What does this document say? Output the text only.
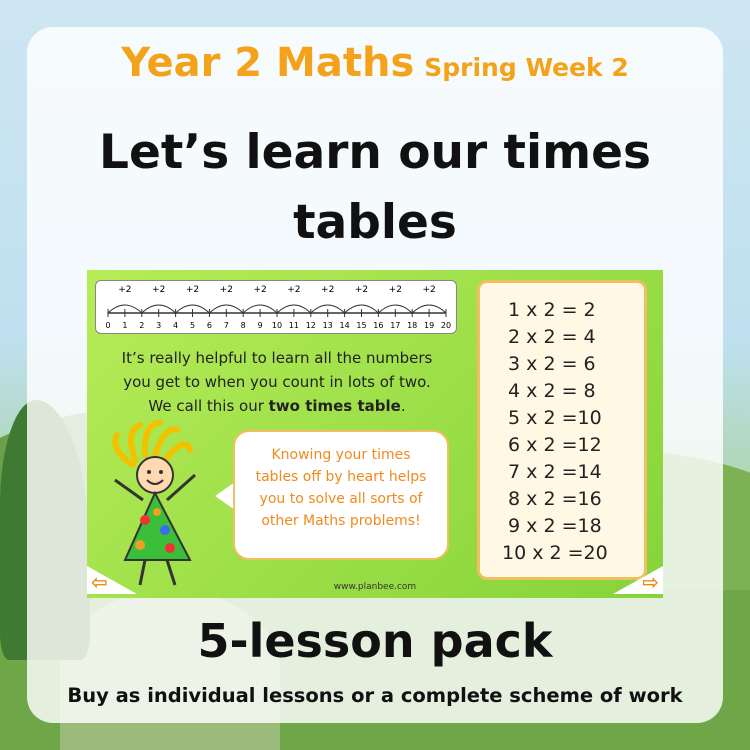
Year 2 Maths Spring Week 2
Let’s learn our times
tables
0 1 2 3 4 5 6 7 8 9 10 11 12 13 14 15 16 17 18 19 20
+2 +2 +2 +2 +2 +2 +2 +2 +2 +2
It’s really helpful to learn all the numbers
you get to when you count in lots of two.
We call this our two times table.
Knowing your times
tables off by heart helps
you to solve all sorts of
other Maths problems!
1 x 2 = 2
2 x 2 = 4
3 x 2 = 6
4 x 2 = 8
5 x 2 =10
6 x 2 =12
7 x 2 =14
8 x 2 =16
9 x 2 =18
10 x 2 =20
⇦	⇨
www.planbee.com
5-lesson pack
Buy as individual lessons or a complete scheme of work
